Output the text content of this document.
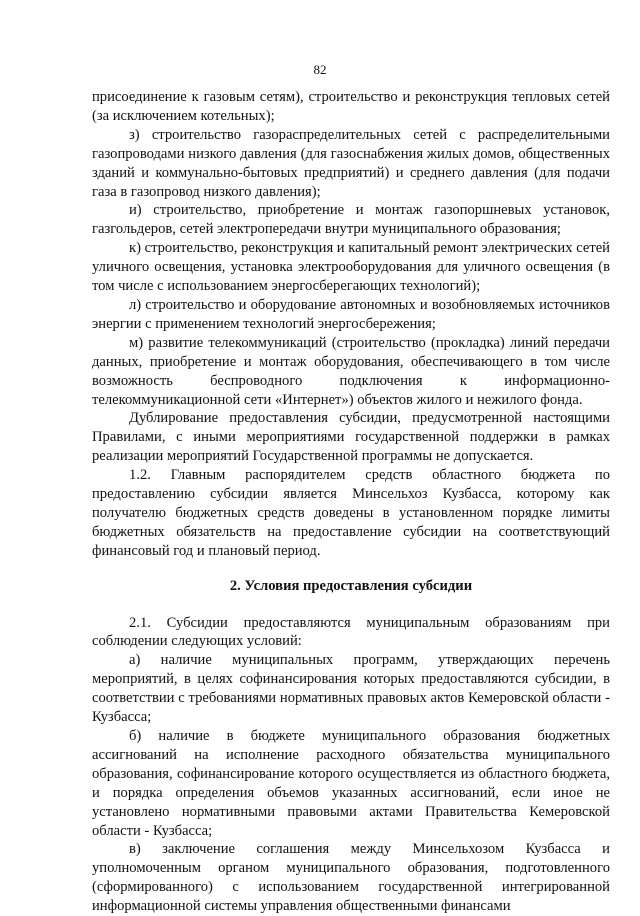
82

присоединение к газовым сетям), строительство и реконструкция тепловых сетей (за исключением котельных);

з) строительство газораспределительных сетей с распределительными газопроводами низкого давления (для газоснабжения жилых домов, общественных зданий и коммунально-бытовых предприятий) и среднего давления (для подачи газа в газопровод низкого давления);

и) строительство, приобретение и монтаж газопоршневых установок, газгольдеров, сетей электропередачи внутри муниципального образования;

к) строительство, реконструкция и капитальный ремонт электрических сетей уличного освещения, установка электрооборудования для уличного освещения (в том числе с использованием энергосберегающих технологий);

л) строительство и оборудование автономных и возобновляемых источников энергии с применением технологий энергосбережения;

м) развитие телекоммуникаций (строительство (прокладка) линий передачи данных, приобретение и монтаж оборудования, обеспечивающего в том числе возможность беспроводного подключения к информационно-телекоммуникационной сети «Интернет») объектов жилого и нежилого фонда.

Дублирование предоставления субсидии, предусмотренной настоящими Правилами, с иными мероприятиями государственной поддержки в рамках реализации мероприятий Государственной программы не допускается.

1.2. Главным распорядителем средств областного бюджета по предоставлению субсидии является Минсельхоз Кузбасса, которому как получателю бюджетных средств доведены в установленном порядке лимиты бюджетных обязательств на предоставление субсидии на соответствующий финансовый год и плановый период.

2. Условия предоставления субсидии

2.1. Субсидии предоставляются муниципальным образованиям при соблюдении следующих условий:

а) наличие муниципальных программ, утверждающих перечень мероприятий, в целях софинансирования которых предоставляются субсидии, в соответствии с требованиями нормативных правовых актов Кемеровской области - Кузбасса;

б) наличие в бюджете муниципального образования бюджетных ассигнований на исполнение расходного обязательства муниципального образования, софинансирование которого осуществляется из областного бюджета, и порядка определения объемов указанных ассигнований, если иное не установлено нормативными правовыми актами Правительства Кемеровской области - Кузбасса;

в) заключение соглашения между Минсельхозом Кузбасса и уполномоченным органом муниципального образования, подготовленного (сформированного) с использованием государственной интегрированной информационной системы управления общественными финансами
